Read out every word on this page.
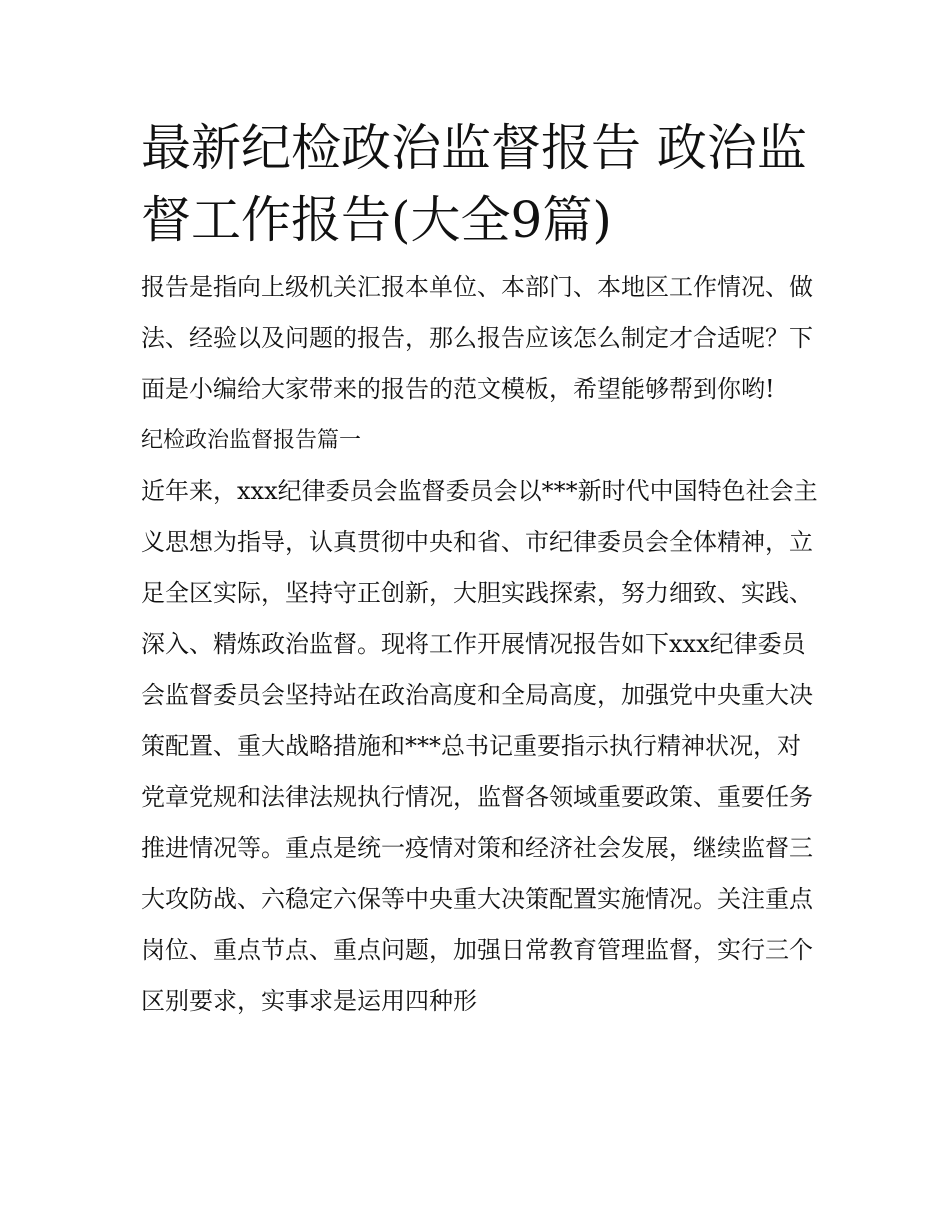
最新纪检政治监督报告 政治监督工作报告(大全9篇)

报告是指向上级机关汇报本单位、本部门、本地区工作情况、做法、经验以及问题的报告，那么报告应该怎么制定才合适呢？下面是小编给大家带来的报告的范文模板，希望能够帮到你哟!

纪检政治监督报告篇一

近年来，xxx纪律委员会监督委员会以***新时代中国特色社会主义思想为指导，认真贯彻中央和省、市纪律委员会全体精神，立足全区实际，坚持守正创新，大胆实践探索，努力细致、实践、深入、精炼政治监督。现将工作开展情况报告如下xxx纪律委员会监督委员会坚持站在政治高度和全局高度，加强党中央重大决策配置、重大战略措施和***总书记重要指示执行精神状况，对党章党规和法律法规执行情况，监督各领域重要政策、重要任务推进情况等。重点是统一疫情对策和经济社会发展，继续监督三大攻防战、六稳定六保等中央重大决策配置实施情况。关注重点岗位、重点节点、重点问题，加强日常教育管理监督，实行三个区别要求，实事求是运用四种形
